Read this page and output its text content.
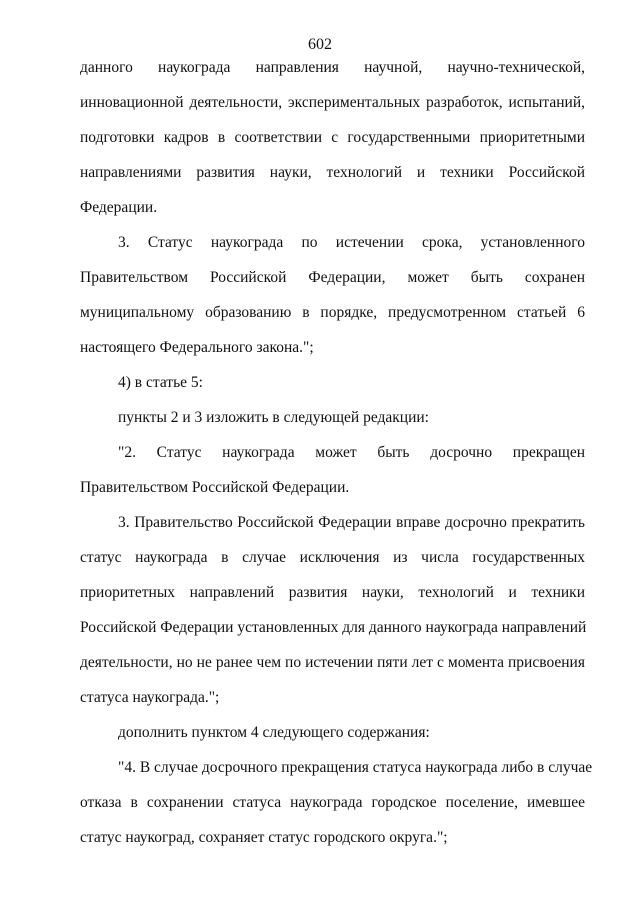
602
данного наукограда направления научной, научно-технической,
инновационной деятельности, экспериментальных разработок, испытаний,
подготовки кадров в соответствии с государственными приоритетными
направлениями развития науки, технологий и техники Российской
Федерации.
3. Статус наукограда по истечении срока, установленного
Правительством Российской Федерации, может быть сохранен
муниципальному образованию в порядке, предусмотренном статьей 6
настоящего Федерального закона.";
4) в статье 5:
пункты 2 и 3 изложить в следующей редакции:
"2. Статус наукограда может быть досрочно прекращен
Правительством Российской Федерации.
3. Правительство Российской Федерации вправе досрочно прекратить
статус наукограда в случае исключения из числа государственных
приоритетных направлений развития науки, технологий и техники
Российской Федерации установленных для данного наукограда направлений
деятельности, но не ранее чем по истечении пяти лет с момента присвоения
статуса наукограда.";
дополнить пунктом 4 следующего содержания:
"4. В случае досрочного прекращения статуса наукограда либо в случае
отказа в сохранении статуса наукограда городское поселение, имевшее
статус наукоград, сохраняет статус городского округа.";
